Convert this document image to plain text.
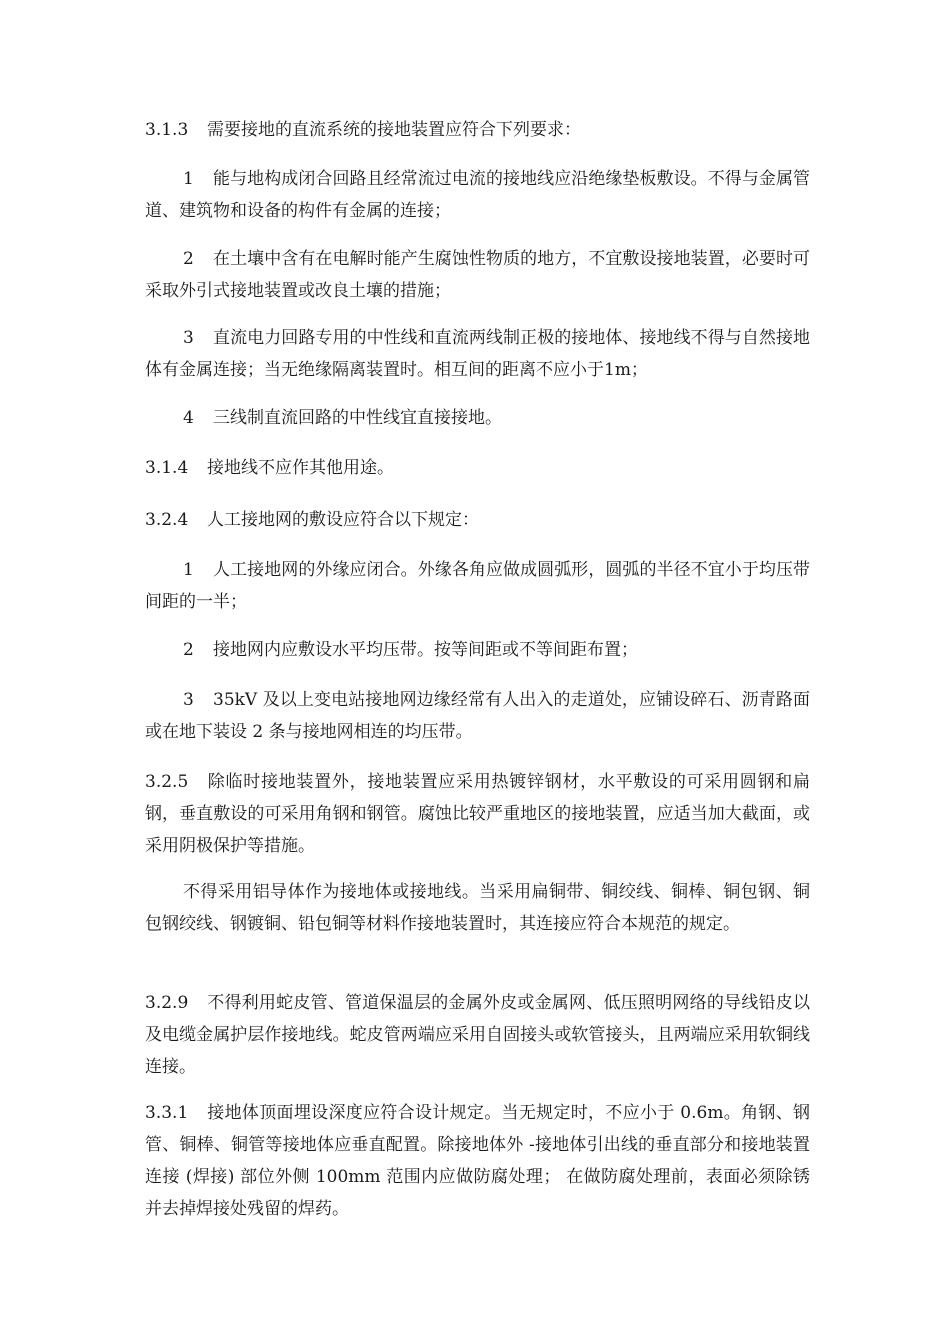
3.1.3 需要接地的直流系统的接地装置应符合下列要求：

1 能与地构成闭合回路且经常流过电流的接地线应沿绝缘垫板敷设。不得与金属管道、建筑物和设备的构件有金属的连接；

2 在土壤中含有在电解时能产生腐蚀性物质的地方，不宜敷设接地装置，必要时可采取外引式接地装置或改良土壤的措施；

3 直流电力回路专用的中性线和直流两线制正极的接地体、接地线不得与自然接地体有金属连接；当无绝缘隔离装置时。相互间的距离不应小于1m；

4 三线制直流回路的中性线宜直接接地。

3.1.4 接地线不应作其他用途。

3.2.4 人工接地网的敷设应符合以下规定：

1 人工接地网的外缘应闭合。外缘各角应做成圆弧形，圆弧的半径不宜小于均压带间距的一半；

2 接地网内应敷设水平均压带。按等间距或不等间距布置；

3 35kV 及以上变电站接地网边缘经常有人出入的走道处，应铺设碎石、沥青路面或在地下装设 2 条与接地网相连的均压带。

3.2.5 除临时接地装置外，接地装置应采用热镀锌钢材，水平敷设的可采用圆钢和扁钢，垂直敷设的可采用角钢和钢管。腐蚀比较严重地区的接地装置，应适当加大截面，或采用阴极保护等措施。

不得采用铝导体作为接地体或接地线。当采用扁铜带、铜绞线、铜棒、铜包钢、铜包钢绞线、钢镀铜、铅包铜等材料作接地装置时，其连接应符合本规范的规定。

3.2.9 不得利用蛇皮管、管道保温层的金属外皮或金属网、低压照明网络的导线铅皮以及电缆金属护层作接地线。蛇皮管两端应采用自固接头或软管接头，且两端应采用软铜线连接。

3.3.1 接地体顶面埋设深度应符合设计规定。当无规定时，不应小于 0.6m。角钢、钢管、铜棒、铜管等接地体应垂直配置。除接地体外 -接地体引出线的垂直部分和接地装置连接 (焊接) 部位外侧 100mm 范围内应做防腐处理； 在做防腐处理前，表面必须除锈并去掉焊接处残留的焊药。
